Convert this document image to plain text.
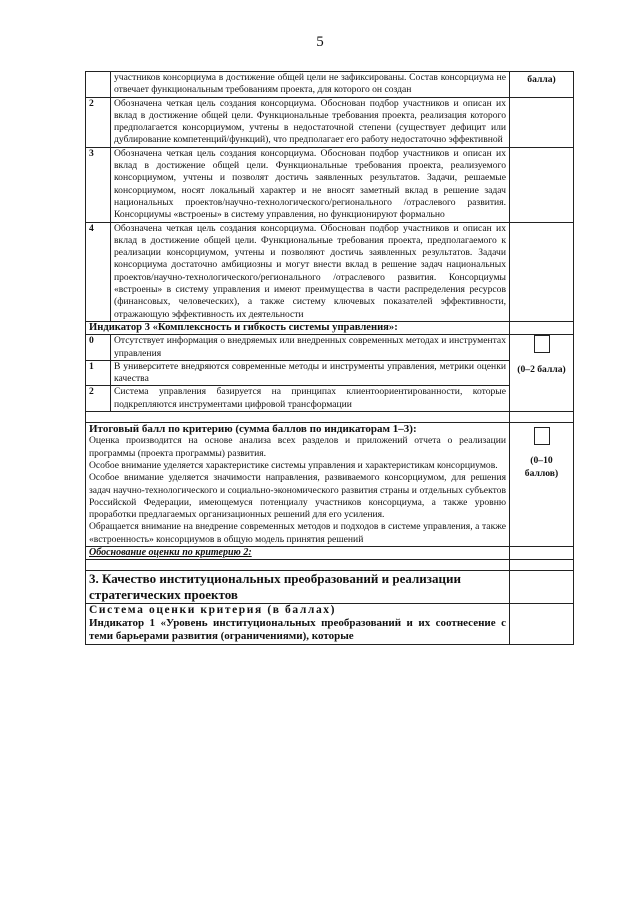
5
	участников консорциума в достижение общей цели не зафиксированы. Состав консорциума не отвечает функциональным требованиям проекта, для которого он создан	балла)
2	Обозначена четкая цель создания консорциума. Обоснован подбор участников и описан их вклад в достижение общей цели. Функциональные требования проекта, реализация которого предполагается консорциумом, учтены в недостаточной степени (существует дефицит или дублирование компетенций/функций), что предполагает его работу недостаточно эффективной	
3	Обозначена четкая цель создания консорциума. Обоснован подбор участников и описан их вклад в достижение общей цели. Функциональные требования проекта, реализуемого консорциумом, учтены и позволят достичь заявленных результатов. Задачи, решаемые консорциумом, носят локальный характер и не вносят заметный вклад в решение задач национальных проектов/научно-технологического/регионального /отраслевого развития. Консорциумы «встроены» в систему управления, но функционируют формально	
4	Обозначена четкая цель создания консорциума. Обоснован подбор участников и описан их вклад в достижение общей цели. Функциональные требования проекта, предполагаемого к реализации консорциумом, учтены и позволяют достичь заявленных результатов. Задачи консорциума достаточно амбициозны и могут внести вклад в решение задач национальных проектов/научно-технологического/регионального /отраслевого развития. Консорциумы «встроены» в систему управления и имеют преимущества в части распределения ресурсов (финансовых, человеческих), а также систему ключевых показателей эффективности, отражающую эффективность их деятельности	
Индикатор 3 «Комплексность и гибкость системы управления»:		
0	Отсутствует информация о внедряемых или внедренных современных методах и инструментах управления	(0–2 балла)
1	В университете внедряются современные методы и инструменты управления, метрики оценки качества	
2	Система управления базируется на принципах клиентоориентированности, которые подкрепляются инструментами цифровой трансформации	

Итоговый балл по критерию (сумма баллов по индикаторам 1–3):
Оценка производится на основе анализа всех разделов и приложений отчета о реализации программы (проекта программы) развития.
Особое внимание уделяется характеристике системы управления и характеристикам консорциумов.
Особое внимание уделяется значимости направления, развиваемого консорциумом, для решения задач научно-технологического и социально-экономического развития страны и отдельных субъектов Российской Федерации, имеющемуся потенциалу участников консорциума, а также уровню проработки предлагаемых организационных решений для его усиления.
Обращается внимание на внедрение современных методов и подходов в системе управления, а также «встроенность» консорциумов в общую модель принятия решений		(0–10 баллов)
Обоснование оценки по критерию 2:		

3. Качество институциональных преобразований и реализации стратегических проектов		

Система оценки критерия (в баллах)
Индикатор 1 «Уровень институциональных преобразований и их соотнесение с теми барьерами развития (ограничениями), которые		
